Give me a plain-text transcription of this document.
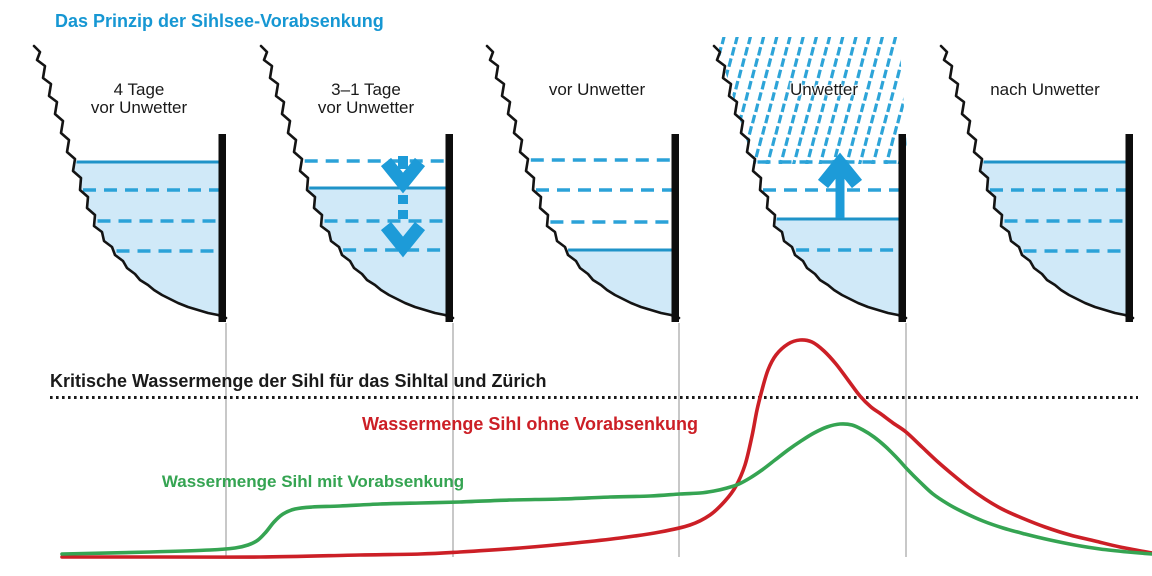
Das Prinzip der Sihlsee-Vorabsenkung
4 Tage
vor Unwetter
3–1 Tage
vor Unwetter
vor Unwetter	Unwetter	nach Unwetter
Kritische Wassermenge der Sihl für das Sihltal und Zürich
Wassermenge Sihl ohne Vorabsenkung
Wassermenge Sihl mit Vorabsenkung
